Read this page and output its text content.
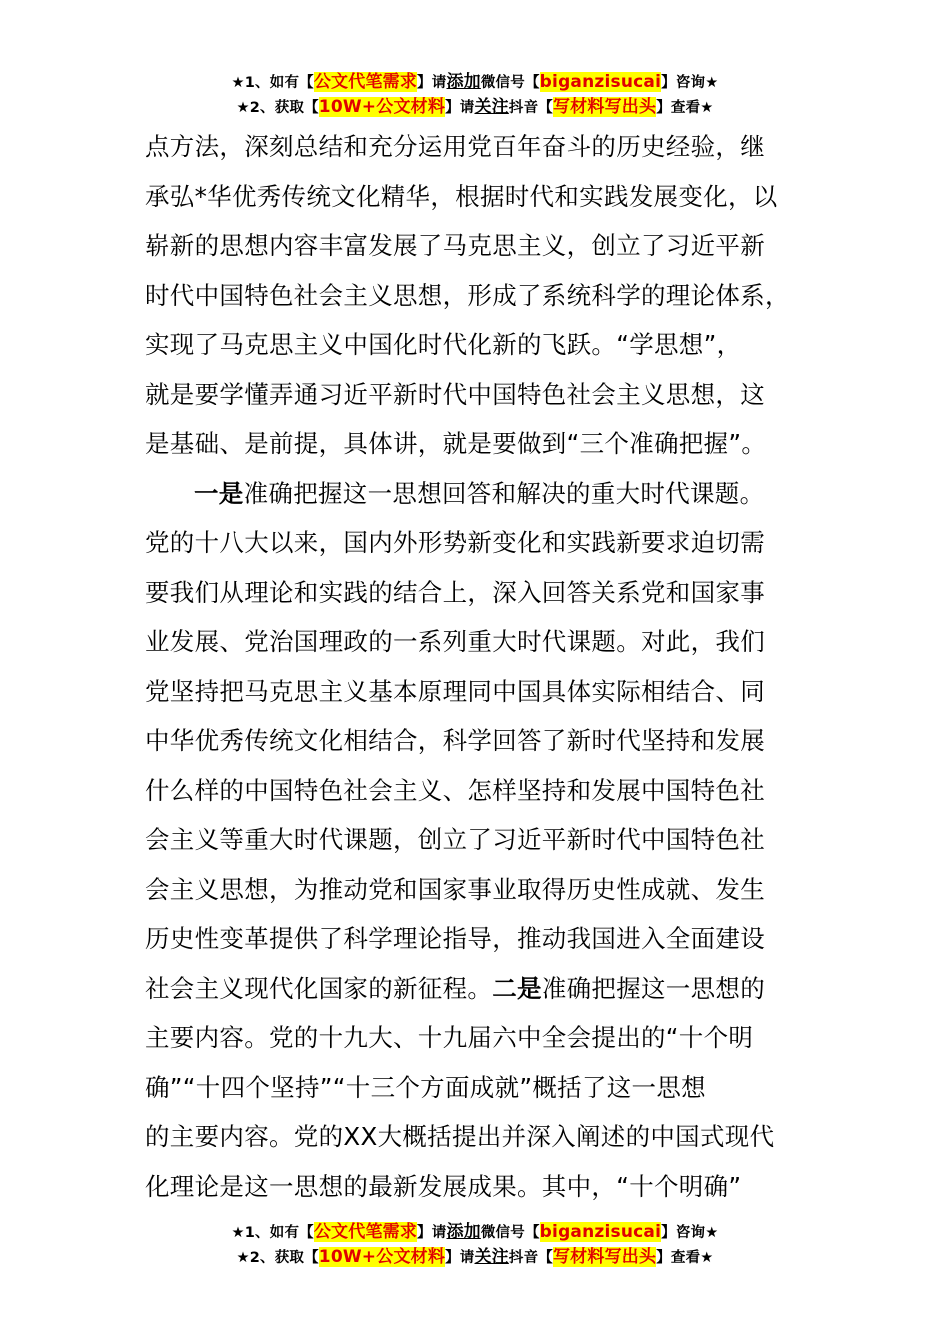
★1、如有【公文代笔需求】请添加微信号【biganzisucai】咨询★
★2、获取【10W+公文材料】请关注抖音【写材料写出头】查看★

点方法，深刻总结和充分运用党百年奋斗的历史经验，继

承弘*华优秀传统文化精华，根据时代和实践发展变化，以

崭新的思想内容丰富发展了马克思主义，创立了习近平新

时代中国特色社会主义思想，形成了系统科学的理论体系，

实现了马克思主义中国化时代化新的飞跃。“学思想”，

就是要学懂弄通习近平新时代中国特色社会主义思想，这

是基础、是前提，具体讲，就是要做到“三个准确把握”。

一是准确把握这一思想回答和解决的重大时代课题。

党的十八大以来，国内外形势新变化和实践新要求迫切需

要我们从理论和实践的结合上，深入回答关系党和国家事

业发展、党治国理政的一系列重大时代课题。对此，我们

党坚持把马克思主义基本原理同中国具体实际相结合、同

中华优秀传统文化相结合，科学回答了新时代坚持和发展

什么样的中国特色社会主义、怎样坚持和发展中国特色社

会主义等重大时代课题，创立了习近平新时代中国特色社

会主义思想，为推动党和国家事业取得历史性成就、发生

历史性变革提供了科学理论指导，推动我国进入全面建设

社会主义现代化国家的新征程。二是准确把握这一思想的

主要内容。党的十九大、十九届六中全会提出的“十个明

确”“十四个坚持”“十三个方面成就”概括了这一思想

的主要内容。党的XX大概括提出并深入阐述的中国式现代

化理论是这一思想的最新发展成果。其中，“十个明确”

★1、如有【公文代笔需求】请添加微信号【biganzisucai】咨询★
★2、获取【10W+公文材料】请关注抖音【写材料写出头】查看★
